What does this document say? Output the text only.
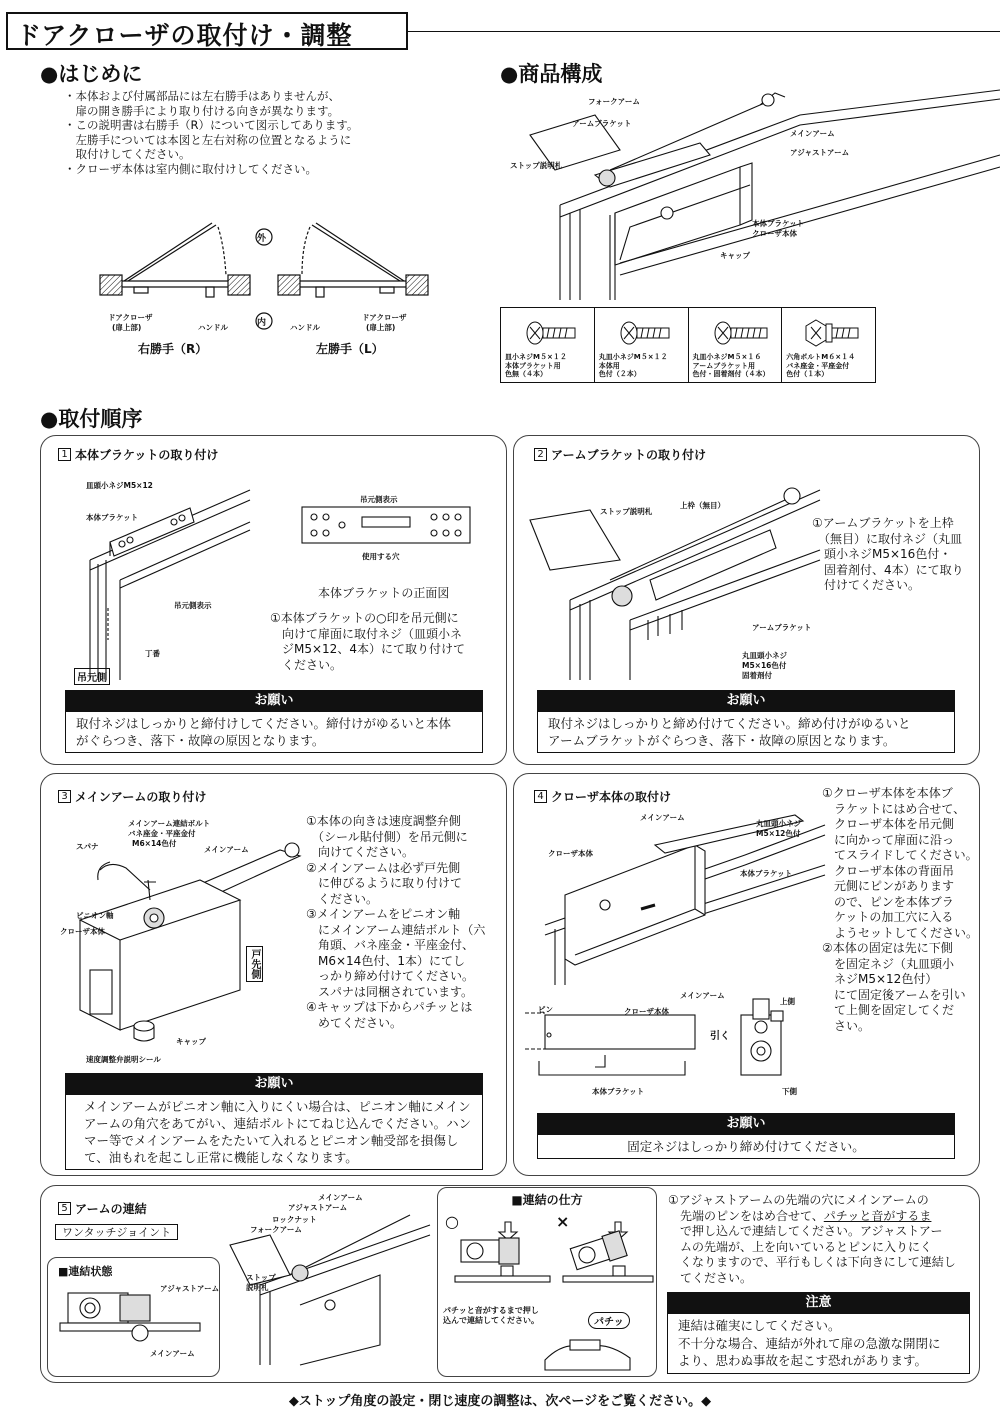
ドアクローザの取付け・調整
●はじめに

・本体および付属部品には左右勝手はありませんが、

　扉の開き勝手により取り付ける向きが異なります。

・この説明書は右勝手（R）について図示してあります。

　左勝手については本図と左右対称の位置となるように

　取付けしてください。

・クローザ本体は室内側に取付けしてください。

外
内
ドアクローザ
(扉上部)	ハンドル	ハンドル
ドアクローザ
(扉上部)
右勝手（R）	左勝手（L）
●商品構成
フォークアーム
アームブラケット
ストップ説明札
メインアーム
アジャストアーム
本体ブラケット
クローザ本体
キャップ
皿小ネジM５×１２
本体ブラケット用
色無（４本）
丸皿小ネジM５×１２
本体用
色付（２本）
丸皿小ネジM５×１６
アームブラケット用
色付・固着剤付（４本）
六角ボルトM６×１４
バネ座金・平座金付
色付（１本）
●取付順序
1 本体ブラケットの取り付け
皿頭小ネジM5×12
本体ブラケット
吊元側表示
丁番
吊元側
吊元側表示
使用する穴
本体ブラケットの正面図
①本体ブラケットの○印を吊元側に
　向けて扉面に取付ネジ（皿頭小ネ
　ジM5×12、4本）にて取り付けて
　ください。
お願い
取付ネジはしっかりと締付けしてください。締付けがゆるいと本体
がぐらつき、落下・故障の原因となります。
2 アームブラケットの取り付け
ストップ説明札
上枠（無目）
アームブラケット
丸皿頭小ネジ
M5×16色付
固着剤付
①アームブラケットを上枠
　（無目）に取付ネジ（丸皿
　頭小ネジM5×16色付・
　固着剤付、4本）にて取り
　付けてください。
お願い
取付ネジはしっかりと締め付けてください。締め付けがゆるいと
アームブラケットがぐらつき、落下・故障の原因となります。
3 メインアームの取り付け
メインアーム連結ボルト
バネ座金・平座金付
M6×14色付
スパナ	メインアーム
ピニオン軸
クローザ本体
キャップ
速度調整弁説明シール
戸先側
①本体の向きは速度調整弁側
　（シール貼付側）を吊元側に
　向けてください。
②メインアームは必ず戸先側
　に伸びるように取り付けて
　ください。
③メインアームをピニオン軸
　にメインアーム連結ボルト（六
　角頭、バネ座金・平座金付、
　M6×14色付、1本）にてし
　っかり締め付けてください。
　スパナは同梱されています。
④キャップは下からパチッとは
　めてください。
お願い
メインアームがピニオン軸に入りにくい場合は、ピニオン軸にメイン
アームの角穴をあてがい、連結ボルトにてねじ込んでください。ハン
マー等でメインアームをたたいて入れるとピニオン軸受部を損傷し
て、油もれを起こし正常に機能しなくなります。
4 クローザ本体の取付け
メインアーム
丸皿頭小ネジ
M5×12色付
クローザ本体
本体ブラケット
ピン	クローザ本体
本体ブラケット
メインアーム
引く
上側
下側
①クローザ本体を本体ブ
　ラケットにはめ合せて、
　クローザ本体を吊元側
　に向かって扉面に沿っ
　てスライドしてください。
　クローザ本体の背面吊
　元側にピンがあります
　ので、ピンを本体ブラ
　ケットの加工穴に入る
　ようセットしてください。
②本体の固定は先に下側
　を固定ネジ（丸皿頭小
　ネジM5×12色付）
　にて固定後アームを引い
　て上側を固定してくだ
　さい。
お願い
固定ネジはしっかり締め付けてください。
5 アームの連結
ワンタッチジョイント
■連結状態
アジャストアーム
メインアーム
メインアーム
アジャストアーム
ロックナット
フォークアーム
ストップ
説明札
■連結の仕方
○	×
パチッと音がするまで押し
込んで連結してください。	パチッ
①アジャストアームの先端の穴にメインアームの
　先端のピンをはめ合せて、パチッと音がするま
　で押し込んで連結してください。アジャストアー
　ムの先端が、上を向いているとピンに入りにく
　くなりますので、平行もしくは下向きにして連結し
　てください。
注意
連結は確実にしてください。
不十分な場合、連結が外れて扉の急激な開閉に
より、思わぬ事故を起こす恐れがあります。
◆ストップ角度の設定・閉じ速度の調整は、次ページをご覧ください。◆
